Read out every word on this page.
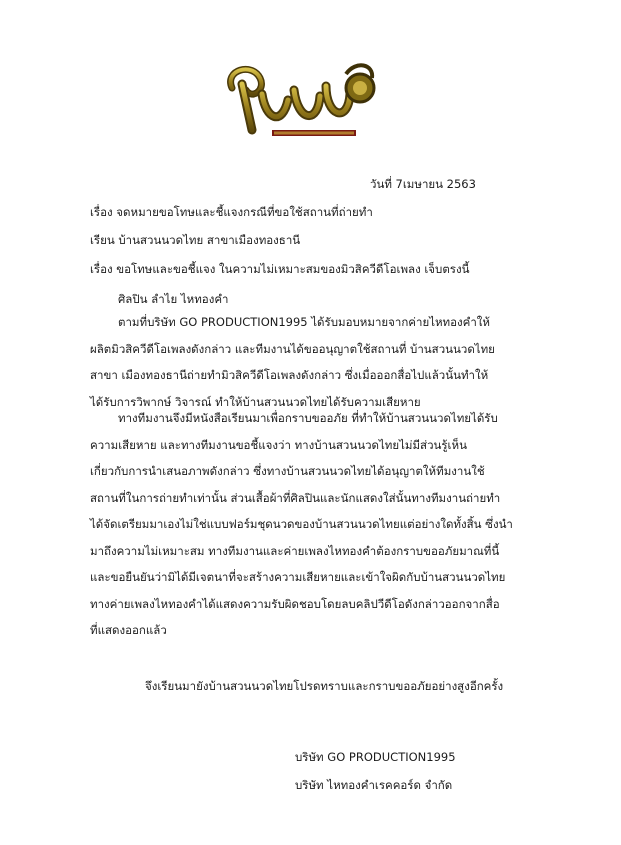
วันที่ 7เมษายน 2563
เรื่อง จดหมายขอโทษและชี้แจงกรณีที่ขอใช้สถานที่ถ่ายทำ
เรียน บ้านสวนนวดไทย สาขาเมืองทองธานี
เรื่อง ขอโทษและขอชี้แจง ในความไม่เหมาะสมของมิวสิควีดีโอเพลง เจ็บตรงนี้
ศิลปิน ลำไย ไหทองคำ
ตามที่บริษัท GO PRODUCTION1995 ได้รับมอบหมายจากค่ายไหทองคำให้
ผลิตมิวสิควีดีโอเพลงดังกล่าว และทีมงานได้ขออนุญาตใช้สถานที่ บ้านสวนนวดไทย
สาขา เมืองทองธานีถ่ายทำมิวสิควีดีโอเพลงดังกล่าว ซึ่งเมื่อออกสื่อไปแล้วนั้นทำให้
ได้รับการวิพากษ์ วิจารณ์ ทำให้บ้านสวนนวดไทยได้รับความเสียหาย
ทางทีมงานจึงมีหนังสือเรียนมาเพื่อกราบขออภัย ที่ทำให้บ้านสวนนวดไทยได้รับ
ความเสียหาย และทางทีมงานขอชี้แจงว่า ทางบ้านสวนนวดไทยไม่มีส่วนรู้เห็น
เกี่ยวกับการนำเสนอภาพดังกล่าว ซึ่งทางบ้านสวนนวดไทยได้อนุญาตให้ทีมงานใช้
สถานที่ในการถ่ายทำเท่านั้น ส่วนเสื้อผ้าที่ศิลปินและนักแสดงใส่นั้นทางทีมงานถ่ายทำ
ได้จัดเตรียมมาเองไม่ใช่แบบฟอร์มชุดนวดของบ้านสวนนวดไทยแต่อย่างใดทั้งสิ้น ซึ่งนำ
มาถึงความไม่เหมาะสม ทางทีมงานและค่ายเพลงไหทองคำต้องกราบขออภัยมาณที่นี้
และขอยืนยันว่ามิได้มีเจตนาที่จะสร้างความเสียหายและเข้าใจผิดกับบ้านสวนนวดไทย
ทางค่ายเพลงไหทองคำได้แสดงความรับผิดชอบโดยลบคลิปวีดีโอดังกล่าวออกจากสื่อ
ที่แสดงออกแล้ว
จึงเรียนมายังบ้านสวนนวดไทยโปรดทราบและกราบขออภัยอย่างสูงอีกครั้ง
บริษัท GO PRODUCTION1995
บริษัท ไหทองคำเรคคอร์ด จำกัด
